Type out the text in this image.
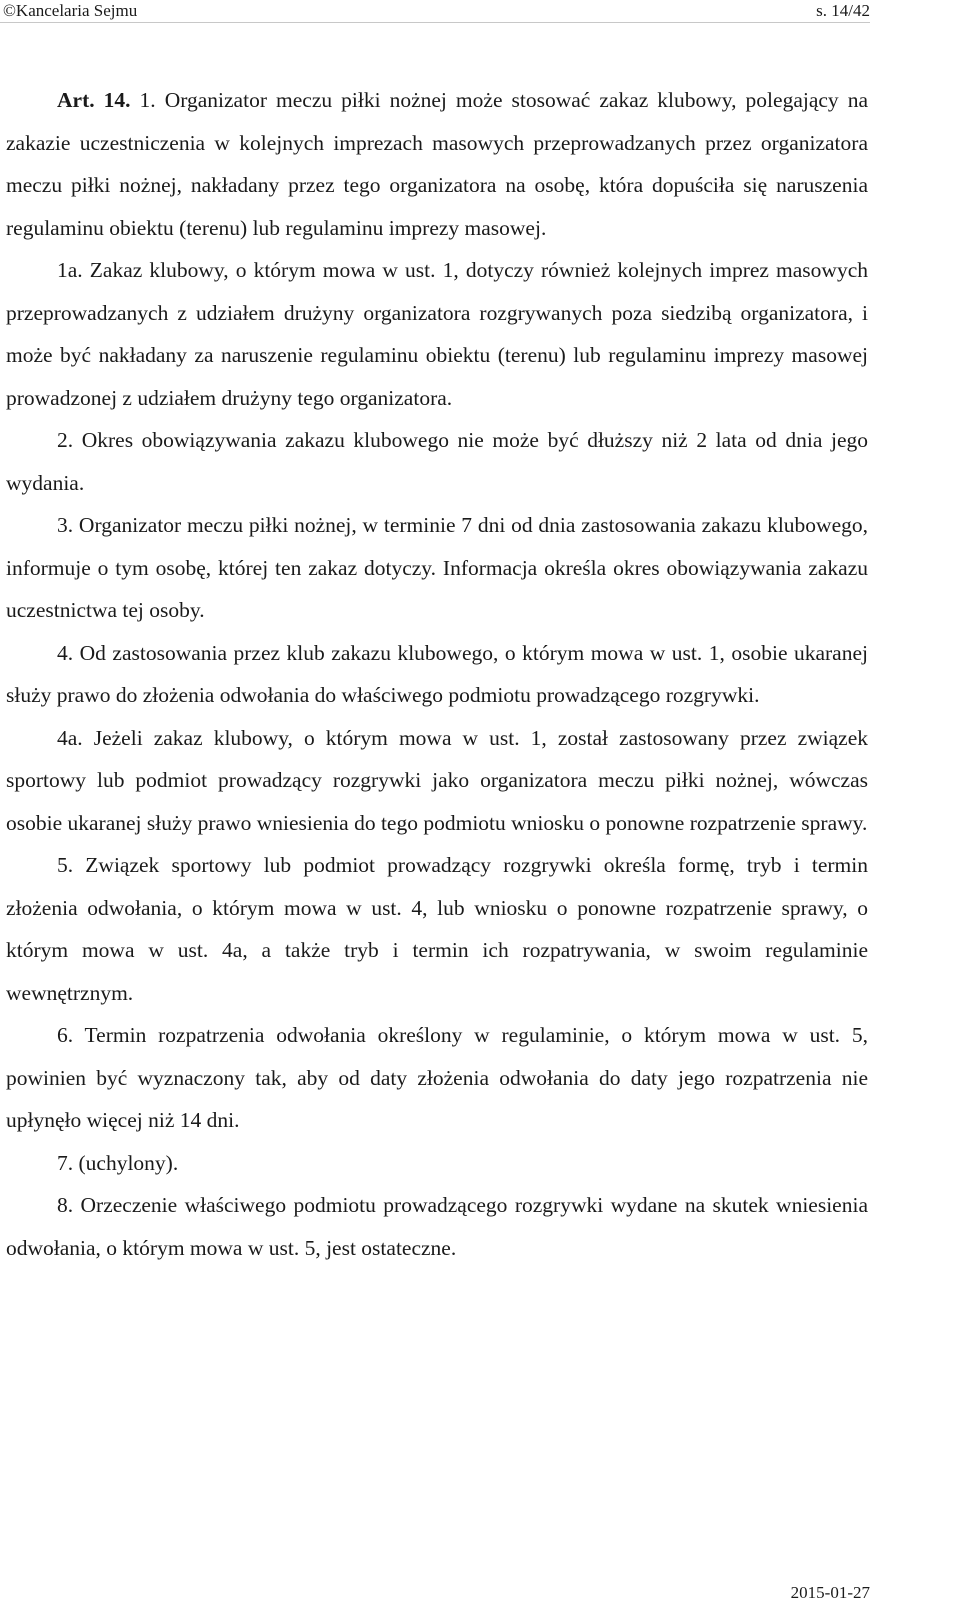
©Kancelaria Sejmu	s. 14/42

Art. 14. 1. Organizator meczu piłki nożnej może stosować zakaz klubowy, polegający na zakazie uczestniczenia w kolejnych imprezach masowych przeprowadzanych przez organizatora meczu piłki nożnej, nakładany przez tego organizatora na osobę, która dopuściła się naruszenia regulaminu obiektu (terenu) lub regulaminu imprezy masowej.

1a. Zakaz klubowy, o którym mowa w ust. 1, dotyczy również kolejnych imprez masowych przeprowadzanych z udziałem drużyny organizatora rozgrywanych poza siedzibą organizatora, i może być nakładany za naruszenie regulaminu obiektu (terenu) lub regulaminu imprezy masowej prowadzonej z udziałem drużyny tego organizatora.

2. Okres obowiązywania zakazu klubowego nie może być dłuższy niż 2 lata od dnia jego wydania.

3. Organizator meczu piłki nożnej, w terminie 7 dni od dnia zastosowania zakazu klubowego, informuje o tym osobę, której ten zakaz dotyczy. Informacja określa okres obowiązywania zakazu uczestnictwa tej osoby.

4. Od zastosowania przez klub zakazu klubowego, o którym mowa w ust. 1, osobie ukaranej służy prawo do złożenia odwołania do właściwego podmiotu prowadzącego rozgrywki.

4a. Jeżeli zakaz klubowy, o którym mowa w ust. 1, został zastosowany przez związek sportowy lub podmiot prowadzący rozgrywki jako organizatora meczu piłki nożnej, wówczas osobie ukaranej służy prawo wniesienia do tego podmiotu wniosku o ponowne rozpatrzenie sprawy.

5. Związek sportowy lub podmiot prowadzący rozgrywki określa formę, tryb i termin złożenia odwołania, o którym mowa w ust. 4, lub wniosku o ponowne rozpatrzenie sprawy, o którym mowa w ust. 4a, a także tryb i termin ich rozpatrywania, w swoim regulaminie wewnętrznym.

6. Termin rozpatrzenia odwołania określony w regulaminie, o którym mowa w ust. 5, powinien być wyznaczony tak, aby od daty złożenia odwołania do daty jego rozpatrzenia nie upłynęło więcej niż 14 dni.

7. (uchylony).

8. Orzeczenie właściwego podmiotu prowadzącego rozgrywki wydane na skutek wniesienia odwołania, o którym mowa w ust. 5, jest ostateczne.

2015-01-27
